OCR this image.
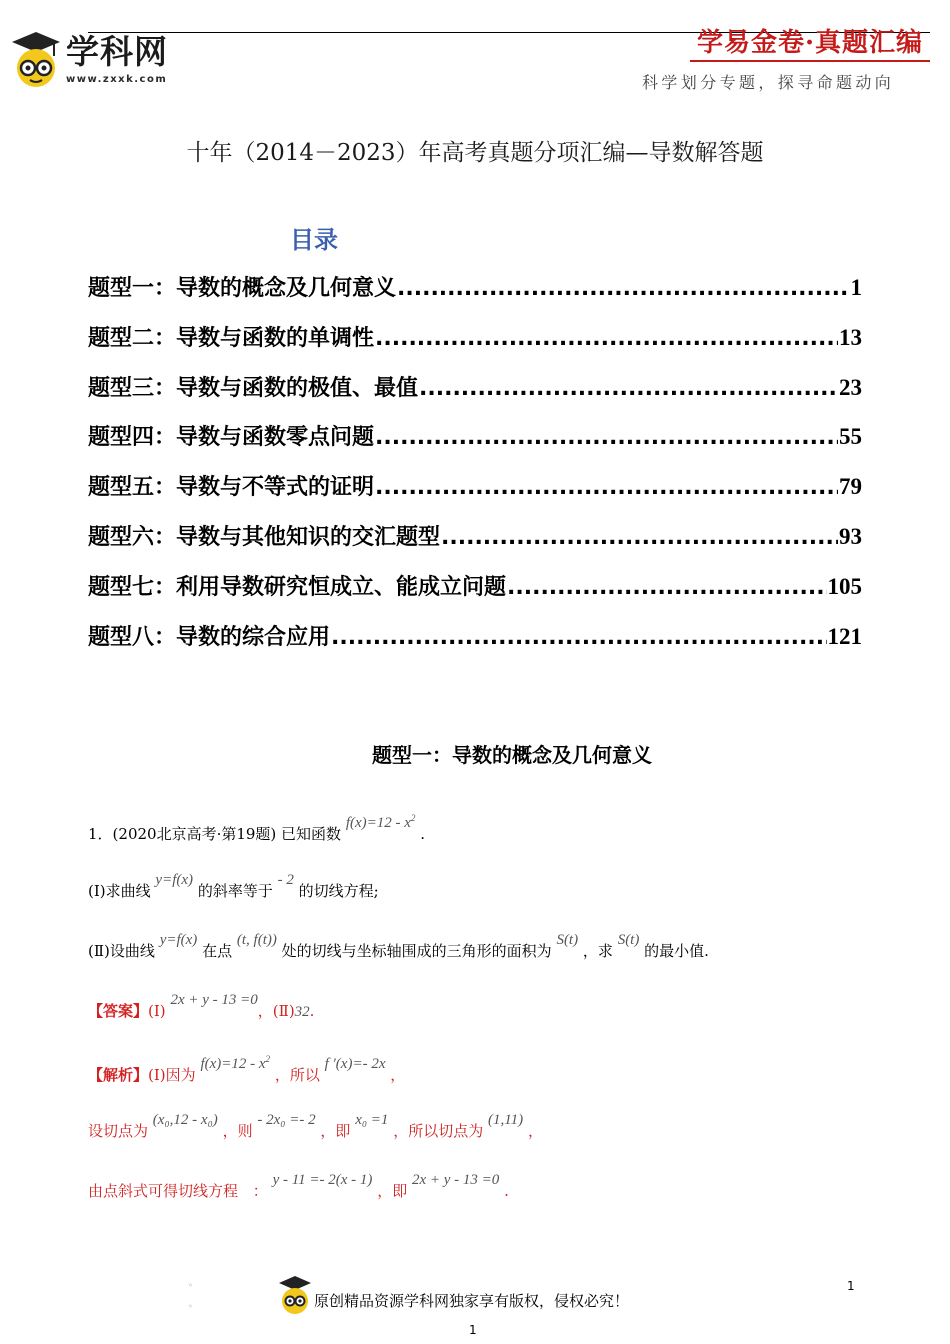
学科网
www.zxxk.com
学易金卷·真题汇编
科学划分专题，探寻命题动向
十年（2014－2023）年高考真题分项汇编—导数解答题
目录
题型一：导数的概念及几何意义 .....	1
题型二：导数与函数的单调性 .....	13
题型三：导数与函数的极值、最值 .....	23
题型四：导数与函数零点问题 .....	55
题型五：导数与不等式的证明 .....	79
题型六：导数与其他知识的交汇题型 .....	93
题型七：利用导数研究恒成立、能成立问题 .....	105
题型八：导数的综合应用 .....	121
题型一：导数的概念及几何意义
1．(2020北京高考·第19题) 已知函数 $f(x)=12 - x^2$ .
(Ⅰ)求曲线 y=f(x) 的斜率等于 - 2 的切线方程;
(Ⅱ)设曲线 y=f(x) 在点 (t, f(t)) 处的切线与坐标轴围成的三角形的面积为 S(t) ，求 S(t) 的最小值.
【答案】(Ⅰ) 2x + y - 13 =0，(Ⅱ)32.
【解析】(Ⅰ)因为 $f(x)=12 - x^2$ ，所以 f ′(x)=- 2x ，
设切点为 (x₀,12 - x₀) ，则 - 2x₀ =- 2 ，即 x₀ =1 ，所以切点为 (1,11) ，
由点斜式可得切线方程 ： y - 11 =- 2(x - 1) ，即 2x + y - 13 =0 .
◦
◦	原创精品资源学科网独家享有版权，侵权必究！
1
1
